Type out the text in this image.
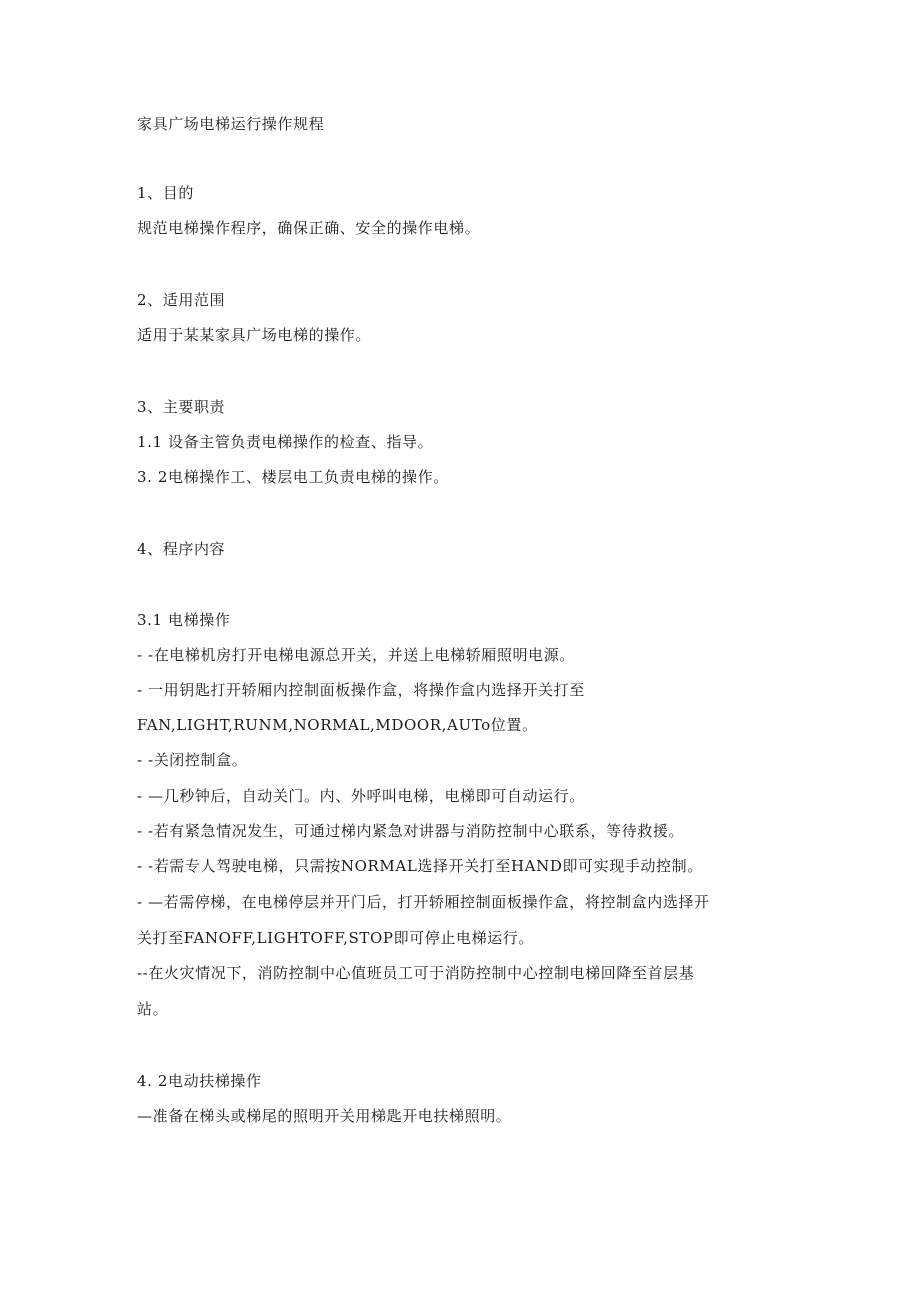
家具广场电梯运行操作规程
1、目的
规范电梯操作程序，确保正确、安全的操作电梯。
2、适用范围
适用于某某家具广场电梯的操作。
3、主要职责
1.1 设备主管负责电梯操作的检查、指导。
3. 2电梯操作工、楼层电工负责电梯的操作。
4、程序内容
3.1 电梯操作
- -在电梯机房打开电梯电源总开关，并送上电梯轿厢照明电源。
- 一用钥匙打开轿厢内控制面板操作盒，将操作盒内选择开关打至
FAN,LIGHT,RUNM,NORMAL,MDOOR,AUTo位置。
- -关闭控制盒。
- —几秒钟后，自动关门。内、外呼叫电梯，电梯即可自动运行。
- -若有紧急情况发生，可通过梯内紧急对讲器与消防控制中心联系，等待救援。
- -若需专人驾驶电梯，只需按NORMAL选择开关打至HAND即可实现手动控制。
- —若需停梯，在电梯停层并开门后，打开轿厢控制面板操作盒，将控制盒内选择开
关打至FANOFF,LIGHTOFF,STOP即可停止电梯运行。
--在火灾情况下，消防控制中心值班员工可于消防控制中心控制电梯回降至首层基
站。
4. 2电动扶梯操作
—准备在梯头或梯尾的照明开关用梯匙开电扶梯照明。
